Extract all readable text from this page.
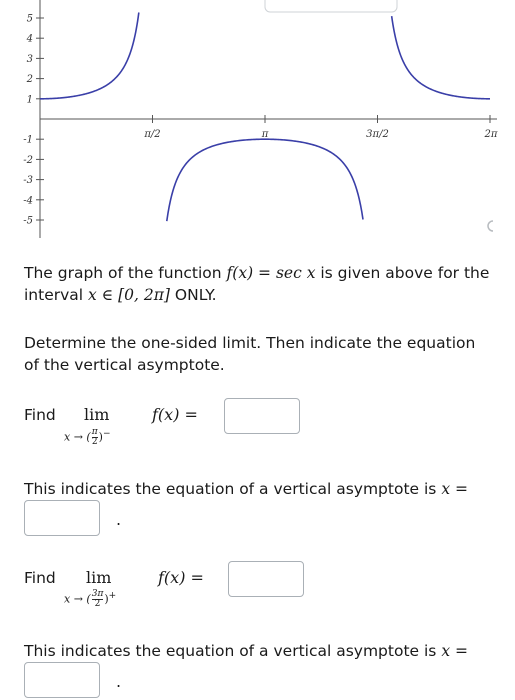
5
4
3
2
1
-1
-2
-3
-4
-5
π/2	π	3π/2	2π
The graph of the function f(x) = sec x is given above for the interval x ∈ [0, 2π] ONLY.
Determine the one-sided limit. Then indicate the equation of the vertical asymptote.
Find lim
x → ( $\frac{\pi}{2} )^-$
f(x) =
This indicates the equation of a vertical asymptote is x =
.
Find lim
x → ( $\frac{3\pi}{2} )^+$
f(x) =
This indicates the equation of a vertical asymptote is x =
.
